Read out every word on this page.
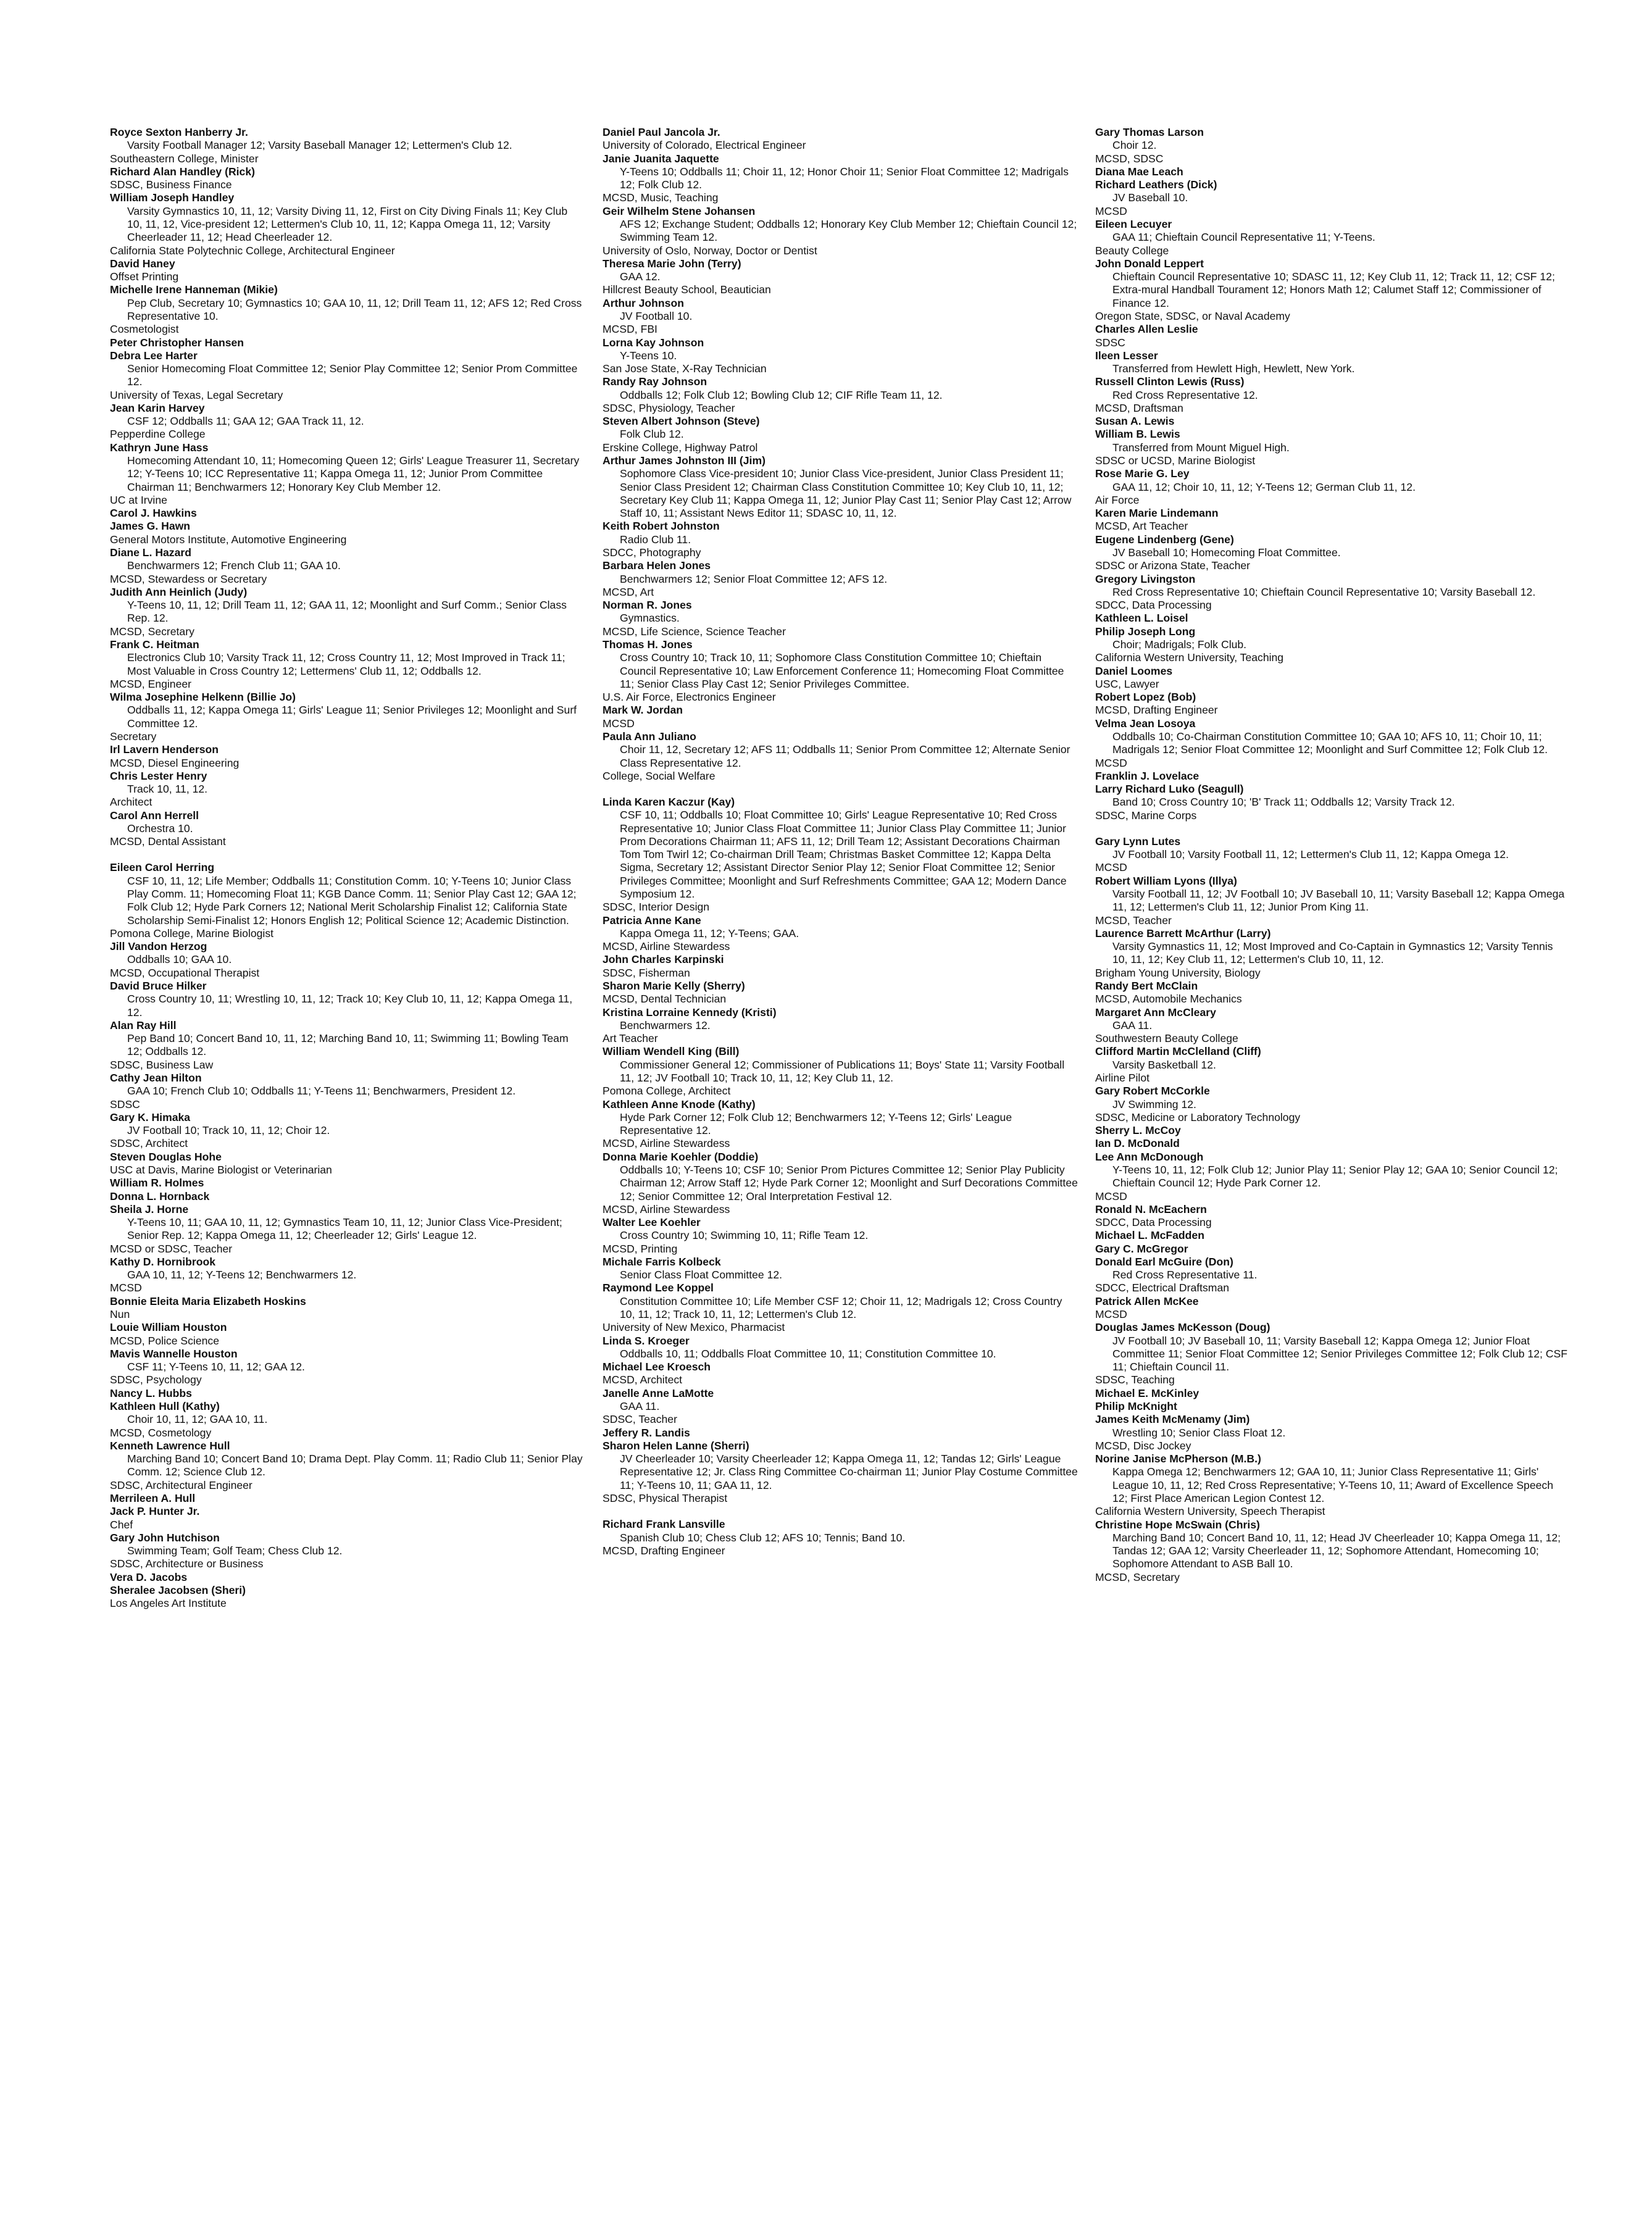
Royce Sexton Hanberry Jr.
Varsity Football Manager 12; Varsity Baseball Manager 12; Lettermen's Club 12.
Southeastern College, Minister
Richard Alan Handley (Rick)
SDSC, Business Finance
William Joseph Handley
Varsity Gymnastics 10, 11, 12; Varsity Diving 11, 12, First on City Diving Finals 11; Key Club 10, 11, 12, Vice-president 12; Lettermen's Club 10, 11, 12; Kappa Omega 11, 12; Varsity Cheerleader 11, 12; Head Cheerleader 12.
California State Polytechnic College, Architectural Engineer
David Haney
Offset Printing
Michelle Irene Hanneman (Mikie)
Pep Club, Secretary 10; Gymnastics 10; GAA 10, 11, 12; Drill Team 11, 12; AFS 12; Red Cross Representative 10.
Cosmetologist
Peter Christopher Hansen
Debra Lee Harter
Senior Homecoming Float Committee 12; Senior Play Committee 12; Senior Prom Committee 12.
University of Texas, Legal Secretary
Jean Karin Harvey
CSF 12; Oddballs 11; GAA 12; GAA Track 11, 12.
Pepperdine College
Kathryn June Hass
Homecoming Attendant 10, 11; Homecoming Queen 12; Girls' League Treasurer 11, Secretary 12; Y-Teens 10; ICC Representative 11; Kappa Omega 11, 12; Junior Prom Committee Chairman 11; Benchwarmers 12; Honorary Key Club Member 12.
UC at Irvine
Carol J. Hawkins
James G. Hawn
General Motors Institute, Automotive Engineering
Diane L. Hazard
Benchwarmers 12; French Club 11; GAA 10.
MCSD, Stewardess or Secretary
Judith Ann Heinlich (Judy)
Y-Teens 10, 11, 12; Drill Team 11, 12; GAA 11, 12; Moonlight and Surf Comm.; Senior Class Rep. 12.
MCSD, Secretary
Frank C. Heitman
Electronics Club 10; Varsity Track 11, 12; Cross Country 11, 12; Most Improved in Track 11; Most Valuable in Cross Country 12; Lettermens' Club 11, 12; Oddballs 12.
MCSD, Engineer
Wilma Josephine Helkenn (Billie Jo)
Oddballs 11, 12; Kappa Omega 11; Girls' League 11; Senior Privileges 12; Moonlight and Surf Committee 12.
Secretary
Irl Lavern Henderson
MCSD, Diesel Engineering
Chris Lester Henry
Track 10, 11, 12.
Architect
Carol Ann Herrell
Orchestra 10.
MCSD, Dental Assistant
Eileen Carol Herring
CSF 10, 11, 12; Life Member; Oddballs 11; Constitution Comm. 10; Y-Teens 10; Junior Class Play Comm. 11; Homecoming Float 11; KGB Dance Comm. 11; Senior Play Cast 12; GAA 12; Folk Club 12; Hyde Park Corners 12; National Merit Scholarship Finalist 12; California State Scholarship Semi-Finalist 12; Honors English 12; Political Science 12; Academic Distinction.
Pomona College, Marine Biologist
Jill Vandon Herzog
Oddballs 10; GAA 10.
MCSD, Occupational Therapist
David Bruce Hilker
Cross Country 10, 11; Wrestling 10, 11, 12; Track 10; Key Club 10, 11, 12; Kappa Omega 11, 12.
Alan Ray Hill
Pep Band 10; Concert Band 10, 11, 12; Marching Band 10, 11; Swimming 11; Bowling Team 12; Oddballs 12.
SDSC, Business Law
Cathy Jean Hilton
GAA 10; French Club 10; Oddballs 11; Y-Teens 11; Benchwarmers, President 12.
SDSC
Gary K. Himaka
JV Football 10; Track 10, 11, 12; Choir 12.
SDSC, Architect
Steven Douglas Hohe
USC at Davis, Marine Biologist or Veterinarian
William R. Holmes
Donna L. Hornback
Sheila J. Horne
Y-Teens 10, 11; GAA 10, 11, 12; Gymnastics Team 10, 11, 12; Junior Class Vice-President; Senior Rep. 12; Kappa Omega 11, 12; Cheerleader 12; Girls' League 12.
MCSD or SDSC, Teacher
Kathy D. Hornibrook
GAA 10, 11, 12; Y-Teens 12; Benchwarmers 12.
MCSD
Bonnie Eleita Maria Elizabeth Hoskins
Nun
Louie William Houston
MCSD, Police Science
Mavis Wannelle Houston
CSF 11; Y-Teens 10, 11, 12; GAA 12.
SDSC, Psychology
Nancy L. Hubbs
Kathleen Hull (Kathy)
Choir 10, 11, 12; GAA 10, 11.
MCSD, Cosmetology
Kenneth Lawrence Hull
Marching Band 10; Concert Band 10; Drama Dept. Play Comm. 11; Radio Club 11; Senior Play Comm. 12; Science Club 12.
SDSC, Architectural Engineer
Merrileen A. Hull
Jack P. Hunter Jr.
Chef
Gary John Hutchison
Swimming Team; Golf Team; Chess Club 12.
SDSC, Architecture or Business
Vera D. Jacobs
Sheralee Jacobsen (Sheri)
Los Angeles Art Institute
Daniel Paul Jancola Jr.
University of Colorado, Electrical Engineer
Janie Juanita Jaquette
Y-Teens 10; Oddballs 11; Choir 11, 12; Honor Choir 11; Senior Float Committee 12; Madrigals 12; Folk Club 12.
MCSD, Music, Teaching
Geir Wilhelm Stene Johansen
AFS 12; Exchange Student; Oddballs 12; Honorary Key Club Member 12; Chieftain Council 12; Swimming Team 12.
University of Oslo, Norway, Doctor or Dentist
Theresa Marie John (Terry)
GAA 12.
Hillcrest Beauty School, Beautician
Arthur Johnson
JV Football 10.
MCSD, FBI
Lorna Kay Johnson
Y-Teens 10.
San Jose State, X-Ray Technician
Randy Ray Johnson
Oddballs 12; Folk Club 12; Bowling Club 12; CIF Rifle Team 11, 12.
SDSC, Physiology, Teacher
Steven Albert Johnson (Steve)
Folk Club 12.
Erskine College, Highway Patrol
Arthur James Johnston III (Jim)
Sophomore Class Vice-president 10; Junior Class Vice-president, Junior Class President 11; Senior Class President 12; Chairman Class Constitution Committee 10; Key Club 10, 11, 12; Secretary Key Club 11; Kappa Omega 11, 12; Junior Play Cast 11; Senior Play Cast 12; Arrow Staff 10, 11; Assistant News Editor 11; SDASC 10, 11, 12.
Keith Robert Johnston
Radio Club 11.
SDCC, Photography
Barbara Helen Jones
Benchwarmers 12; Senior Float Committee 12; AFS 12.
MCSD, Art
Norman R. Jones
Gymnastics.
MCSD, Life Science, Science Teacher
Thomas H. Jones
Cross Country 10; Track 10, 11; Sophomore Class Constitution Committee 10; Chieftain Council Representative 10; Law Enforcement Conference 11; Homecoming Float Committee 11; Senior Class Play Cast 12; Senior Privileges Committee.
U.S. Air Force, Electronics Engineer
Mark W. Jordan
MCSD
Paula Ann Juliano
Choir 11, 12, Secretary 12; AFS 11; Oddballs 11; Senior Prom Committee 12; Alternate Senior Class Representative 12.
College, Social Welfare
Linda Karen Kaczur (Kay)
CSF 10, 11; Oddballs 10; Float Committee 10; Girls' League Representative 10; Red Cross Representative 10; Junior Class Float Committee 11; Junior Class Play Committee 11; Junior Prom Decorations Chairman 11; AFS 11, 12; Drill Team 12; Assistant Decorations Chairman Tom Tom Twirl 12; Co-chairman Drill Team; Christmas Basket Committee 12; Kappa Delta Sigma, Secretary 12; Assistant Director Senior Play 12; Senior Float Committee 12; Senior Privileges Committee; Moonlight and Surf Refreshments Committee; GAA 12; Modern Dance Symposium 12.
SDSC, Interior Design
Patricia Anne Kane
Kappa Omega 11, 12; Y-Teens; GAA.
MCSD, Airline Stewardess
John Charles Karpinski
SDSC, Fisherman
Sharon Marie Kelly (Sherry)
MCSD, Dental Technician
Kristina Lorraine Kennedy (Kristi)
Benchwarmers 12.
Art Teacher
William Wendell King (Bill)
Commissioner General 12; Commissioner of Publications 11; Boys' State 11; Varsity Football 11, 12; JV Football 10; Track 10, 11, 12; Key Club 11, 12.
Pomona College, Architect
Kathleen Anne Knode (Kathy)
Hyde Park Corner 12; Folk Club 12; Benchwarmers 12; Y-Teens 12; Girls' League Representative 12.
MCSD, Airline Stewardess
Donna Marie Koehler (Doddie)
Oddballs 10; Y-Teens 10; CSF 10; Senior Prom Pictures Committee 12; Senior Play Publicity Chairman 12; Arrow Staff 12; Hyde Park Corner 12; Moonlight and Surf Decorations Committee 12; Senior Committee 12; Oral Interpretation Festival 12.
MCSD, Airline Stewardess
Walter Lee Koehler
Cross Country 10; Swimming 10, 11; Rifle Team 12.
MCSD, Printing
Michale Farris Kolbeck
Senior Class Float Committee 12.
Raymond Lee Koppel
Constitution Committee 10; Life Member CSF 12; Choir 11, 12; Madrigals 12; Cross Country 10, 11, 12; Track 10, 11, 12; Lettermen's Club 12.
University of New Mexico, Pharmacist
Linda S. Kroeger
Oddballs 10, 11; Oddballs Float Committee 10, 11; Constitution Committee 10.
Michael Lee Kroesch
MCSD, Architect
Janelle Anne LaMotte
GAA 11.
SDSC, Teacher
Jeffery R. Landis
Sharon Helen Lanne (Sherri)
JV Cheerleader 10; Varsity Cheerleader 12; Kappa Omega 11, 12; Tandas 12; Girls' League Representative 12; Jr. Class Ring Committee Co-chairman 11; Junior Play Costume Committee 11; Y-Teens 10, 11; GAA 11, 12.
SDSC, Physical Therapist
Richard Frank Lansville
Spanish Club 10; Chess Club 12; AFS 10; Tennis; Band 10.
MCSD, Drafting Engineer
Gary Thomas Larson
Choir 12.
MCSD, SDSC
Diana Mae Leach
Richard Leathers (Dick)
JV Baseball 10.
MCSD
Eileen Lecuyer
GAA 11; Chieftain Council Representative 11; Y-Teens.
Beauty College
John Donald Leppert
Chieftain Council Representative 10; SDASC 11, 12; Key Club 11, 12; Track 11, 12; CSF 12; Extra-mural Handball Tourament 12; Honors Math 12; Calumet Staff 12; Commissioner of Finance 12.
Oregon State, SDSC, or Naval Academy
Charles Allen Leslie
SDSC
Ileen Lesser
Transferred from Hewlett High, Hewlett, New York.
Russell Clinton Lewis (Russ)
Red Cross Representative 12.
MCSD, Draftsman
Susan A. Lewis
William B. Lewis
Transferred from Mount Miguel High.
SDSC or UCSD, Marine Biologist
Rose Marie G. Ley
GAA 11, 12; Choir 10, 11, 12; Y-Teens 12; German Club 11, 12.
Air Force
Karen Marie Lindemann
MCSD, Art Teacher
Eugene Lindenberg (Gene)
JV Baseball 10; Homecoming Float Committee.
SDSC or Arizona State, Teacher
Gregory Livingston
Red Cross Representative 10; Chieftain Council Representative 10; Varsity Baseball 12.
SDCC, Data Processing
Kathleen L. Loisel
Philip Joseph Long
Choir; Madrigals; Folk Club.
California Western University, Teaching
Daniel Loomes
USC, Lawyer
Robert Lopez (Bob)
MCSD, Drafting Engineer
Velma Jean Losoya
Oddballs 10; Co-Chairman Constitution Committee 10; GAA 10; AFS 10, 11; Choir 10, 11; Madrigals 12; Senior Float Committee 12; Moonlight and Surf Committee 12; Folk Club 12.
MCSD
Franklin J. Lovelace
Larry Richard Luko (Seagull)
Band 10; Cross Country 10; 'B' Track 11; Oddballs 12; Varsity Track 12.
SDSC, Marine Corps
Gary Lynn Lutes
JV Football 10; Varsity Football 11, 12; Lettermen's Club 11, 12; Kappa Omega 12.
MCSD
Robert William Lyons (Illya)
Varsity Football 11, 12; JV Football 10; JV Baseball 10, 11; Varsity Baseball 12; Kappa Omega 11, 12; Lettermen's Club 11, 12; Junior Prom King 11.
MCSD, Teacher
Laurence Barrett McArthur (Larry)
Varsity Gymnastics 11, 12; Most Improved and Co-Captain in Gymnastics 12; Varsity Tennis 10, 11, 12; Key Club 11, 12; Lettermen's Club 10, 11, 12.
Brigham Young University, Biology
Randy Bert McClain
MCSD, Automobile Mechanics
Margaret Ann McCleary
GAA 11.
Southwestern Beauty College
Clifford Martin McClelland (Cliff)
Varsity Basketball 12.
Airline Pilot
Gary Robert McCorkle
JV Swimming 12.
SDSC, Medicine or Laboratory Technology
Sherry L. McCoy
Ian D. McDonald
Lee Ann McDonough
Y-Teens 10, 11, 12; Folk Club 12; Junior Play 11; Senior Play 12; GAA 10; Senior Council 12; Chieftain Council 12; Hyde Park Corner 12.
MCSD
Ronald N. McEachern
SDCC, Data Processing
Michael L. McFadden
Gary C. McGregor
Donald Earl McGuire (Don)
Red Cross Representative 11.
SDCC, Electrical Draftsman
Patrick Allen McKee
MCSD
Douglas James McKesson (Doug)
JV Football 10; JV Baseball 10, 11; Varsity Baseball 12; Kappa Omega 12; Junior Float Committee 11; Senior Float Committee 12; Senior Privileges Committee 12; Folk Club 12; CSF 11; Chieftain Council 11.
SDSC, Teaching
Michael E. McKinley
Philip McKnight
James Keith McMenamy (Jim)
Wrestling 10; Senior Class Float 12.
MCSD, Disc Jockey
Norine Janise McPherson (M.B.)
Kappa Omega 12; Benchwarmers 12; GAA 10, 11; Junior Class Representative 11; Girls' League 10, 11, 12; Red Cross Representative; Y-Teens 10, 11; Award of Excellence Speech 12; First Place American Legion Contest 12.
California Western University, Speech Therapist
Christine Hope McSwain (Chris)
Marching Band 10; Concert Band 10, 11, 12; Head JV Cheerleader 10; Kappa Omega 11, 12; Tandas 12; GAA 12; Varsity Cheerleader 11, 12; Sophomore Attendant, Homecoming 10; Sophomore Attendant to ASB Ball 10.
MCSD, Secretary
